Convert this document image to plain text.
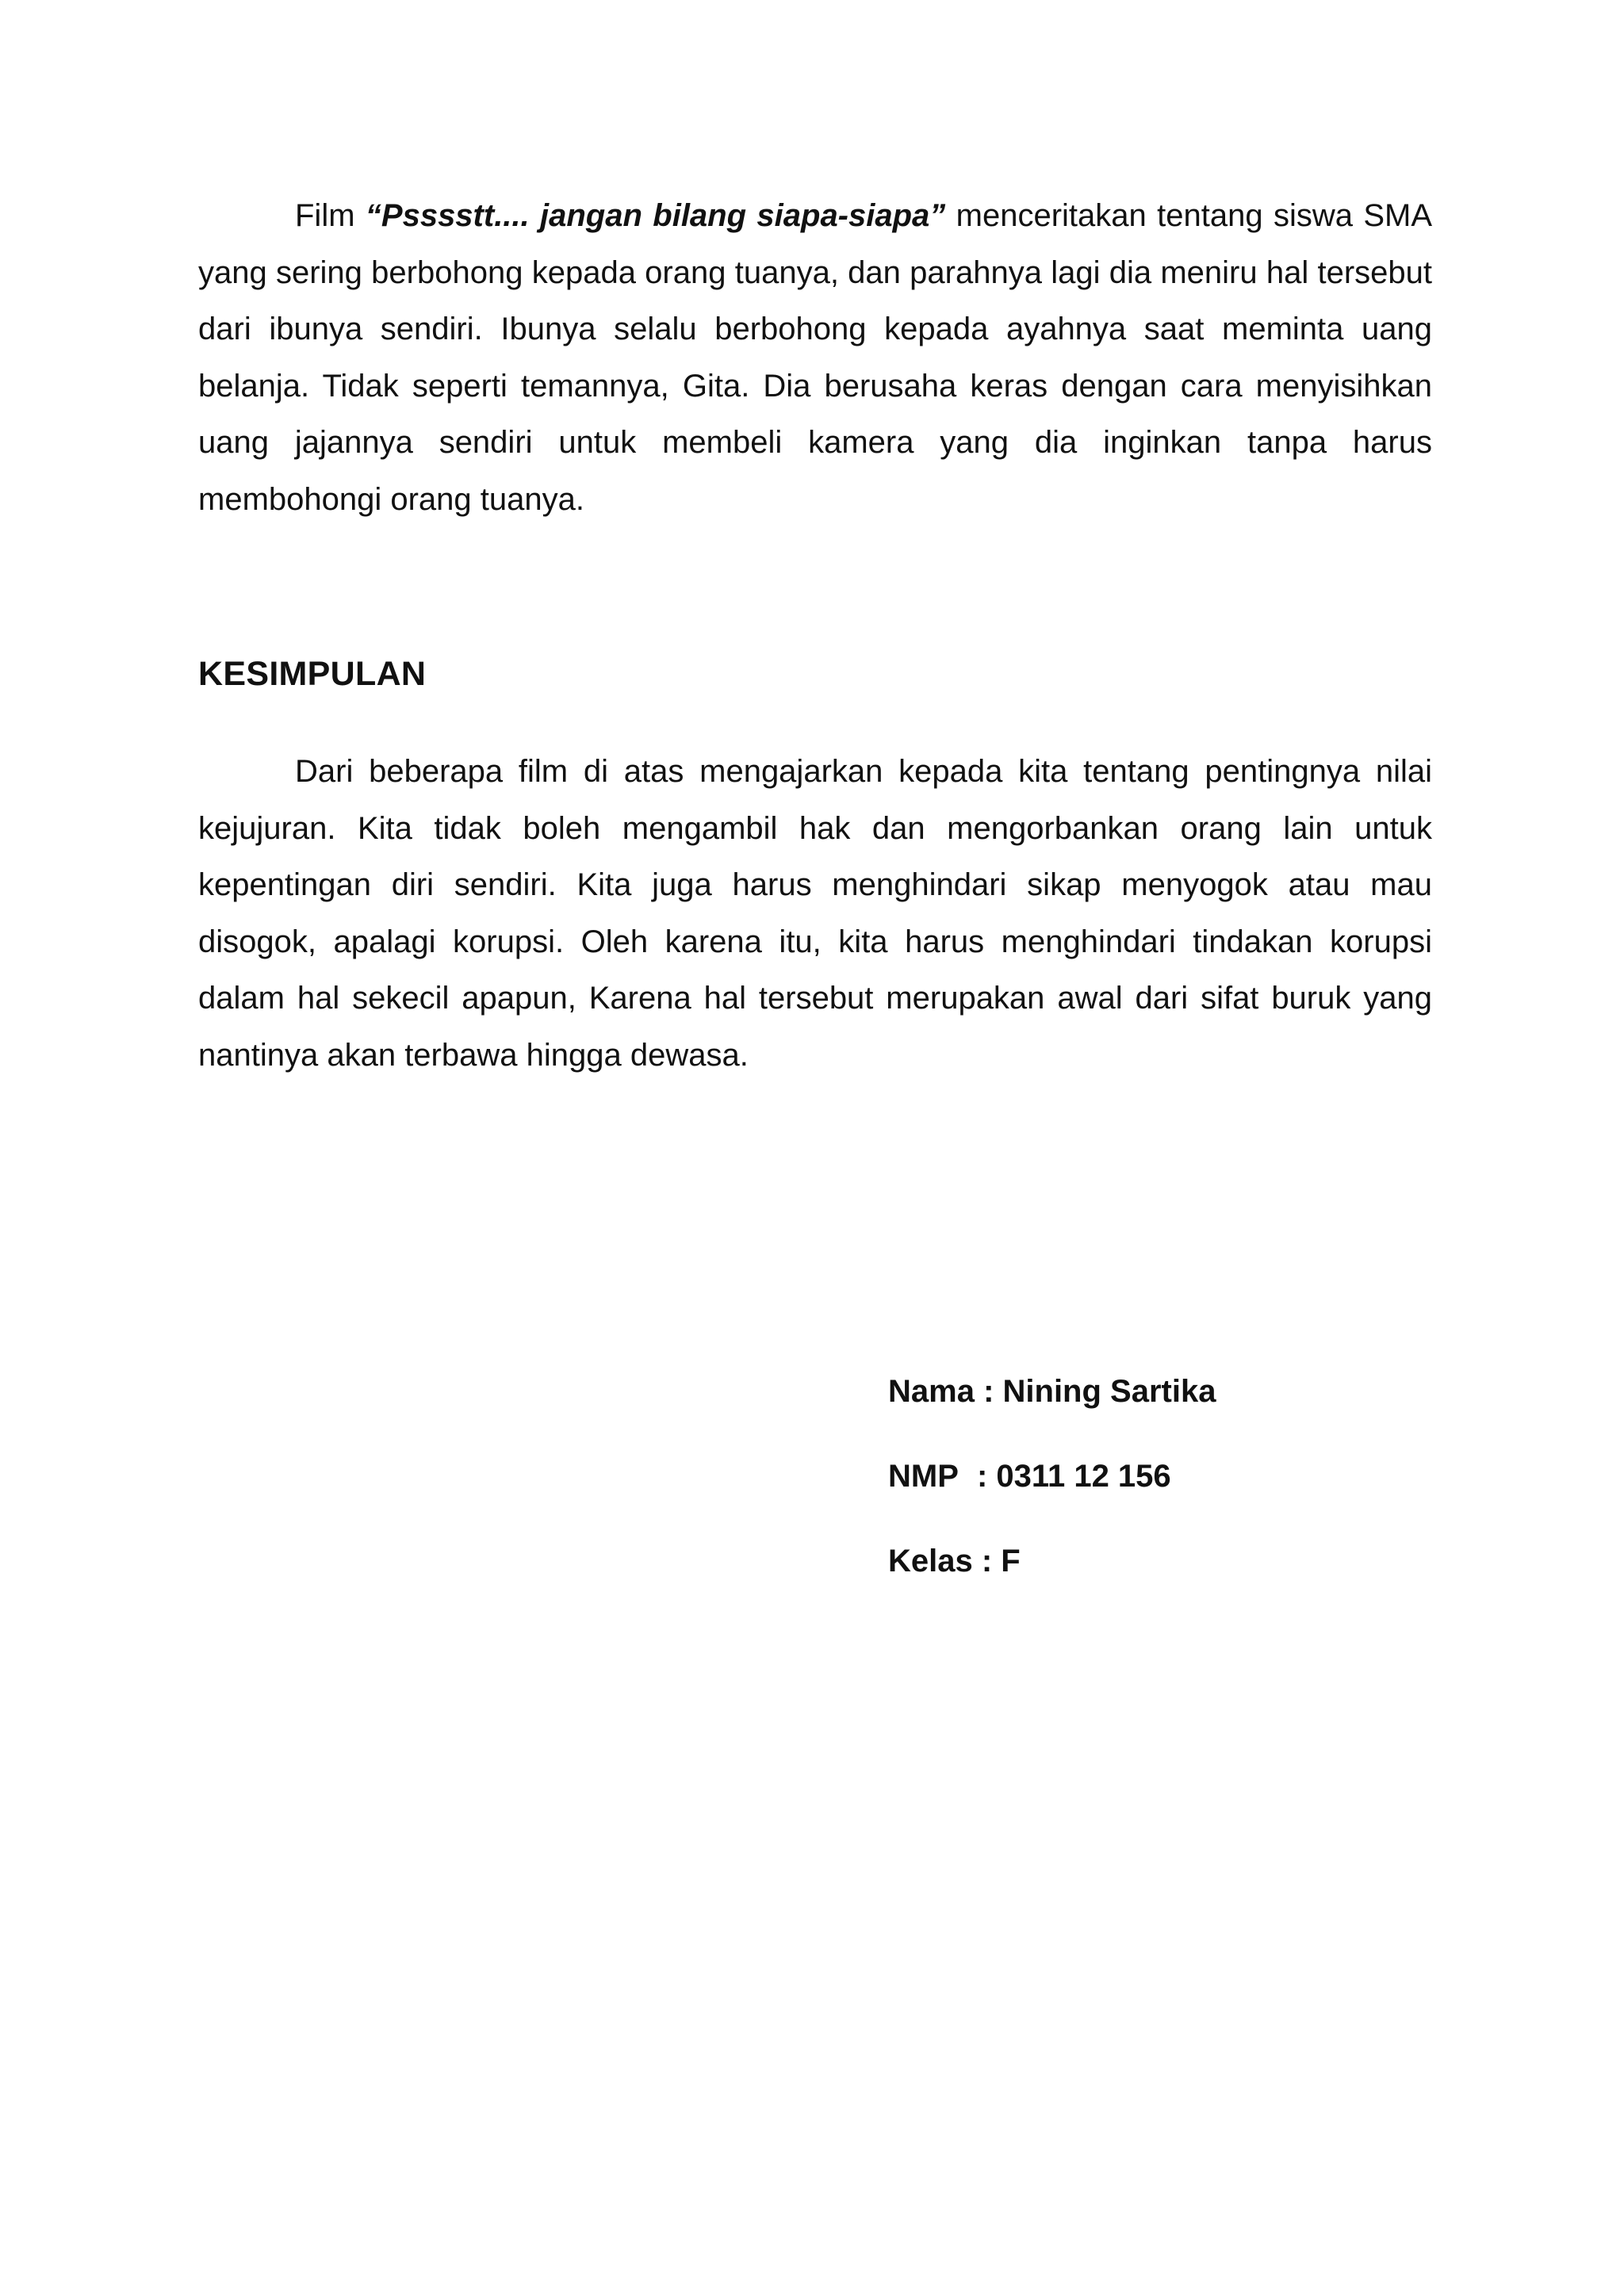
Film “Psssstt.... jangan bilang siapa-siapa” menceritakan tentang siswa SMA yang sering berbohong kepada orang tuanya, dan parahnya lagi dia meniru hal tersebut dari ibunya sendiri. Ibunya selalu berbohong kepada ayahnya saat meminta uang belanja. Tidak seperti temannya, Gita. Dia berusaha keras dengan cara menyisihkan uang jajannya sendiri untuk membeli kamera yang dia inginkan tanpa harus membohongi orang tuanya.

KESIMPULAN

Dari beberapa film di atas mengajarkan kepada kita tentang pentingnya nilai kejujuran. Kita tidak boleh mengambil hak dan mengorbankan orang lain untuk kepentingan diri sendiri. Kita juga harus menghindari sikap menyogok atau mau disogok, apalagi korupsi. Oleh karena itu, kita harus menghindari tindakan korupsi dalam hal sekecil apapun, Karena hal tersebut merupakan awal dari sifat buruk yang nantinya akan terbawa hingga dewasa.

Nama : Nining Sartika
NMP : 0311 12 156
Kelas : F
